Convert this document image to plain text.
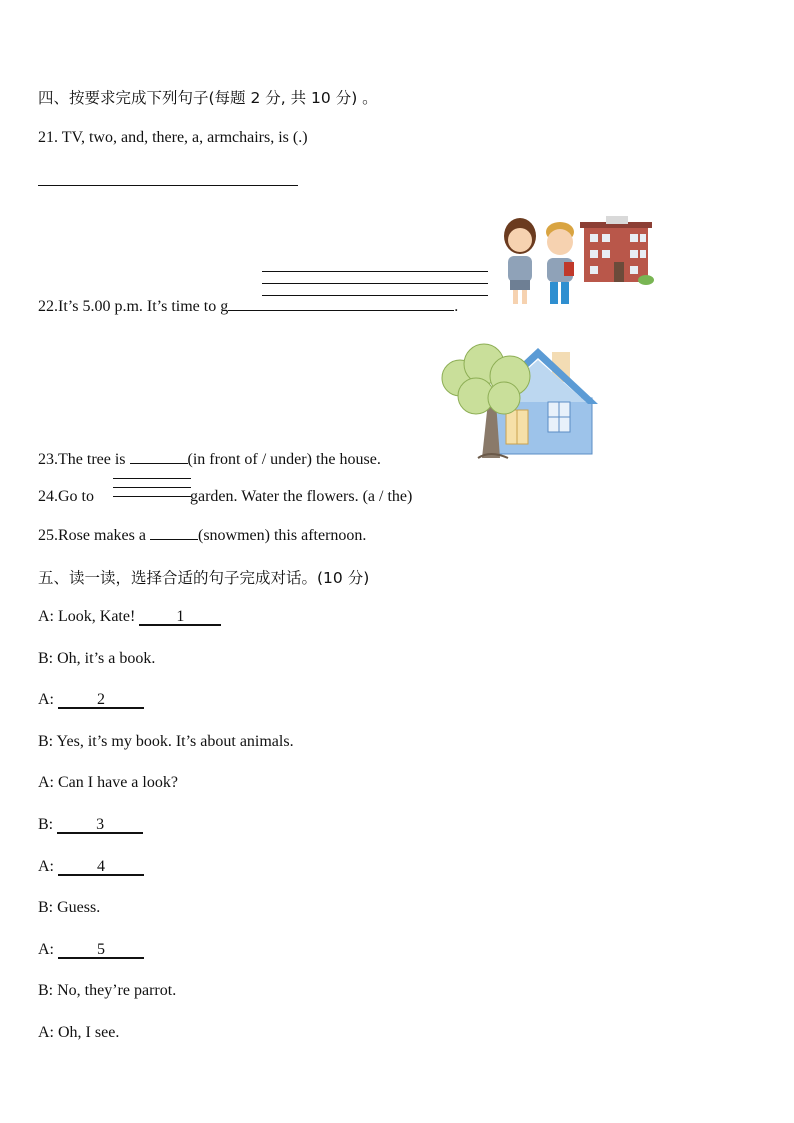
四、按要求完成下列句子(每题 2 分, 共 10 分) 。
21. TV, two, and, there, a, armchairs, is (.)
22.It’s 5.00 p.m. It’s time to g	.
23.The tree is	(in front of / under) the house.
24.Go to	garden. Water the flowers. (a / the)
25.Rose makes a	(snowmen) this afternoon.
五、读一读，选择合适的句子完成对话。(10 分)
A: Look, Kate!	1
B: Oh, it’s a book.
A:	2
B: Yes, it’s my book. It’s about animals.
A: Can I have a look?
B:	3
A:	4
B: Guess.
A:	5
B: No, they’re parrot.
A: Oh, I see.
